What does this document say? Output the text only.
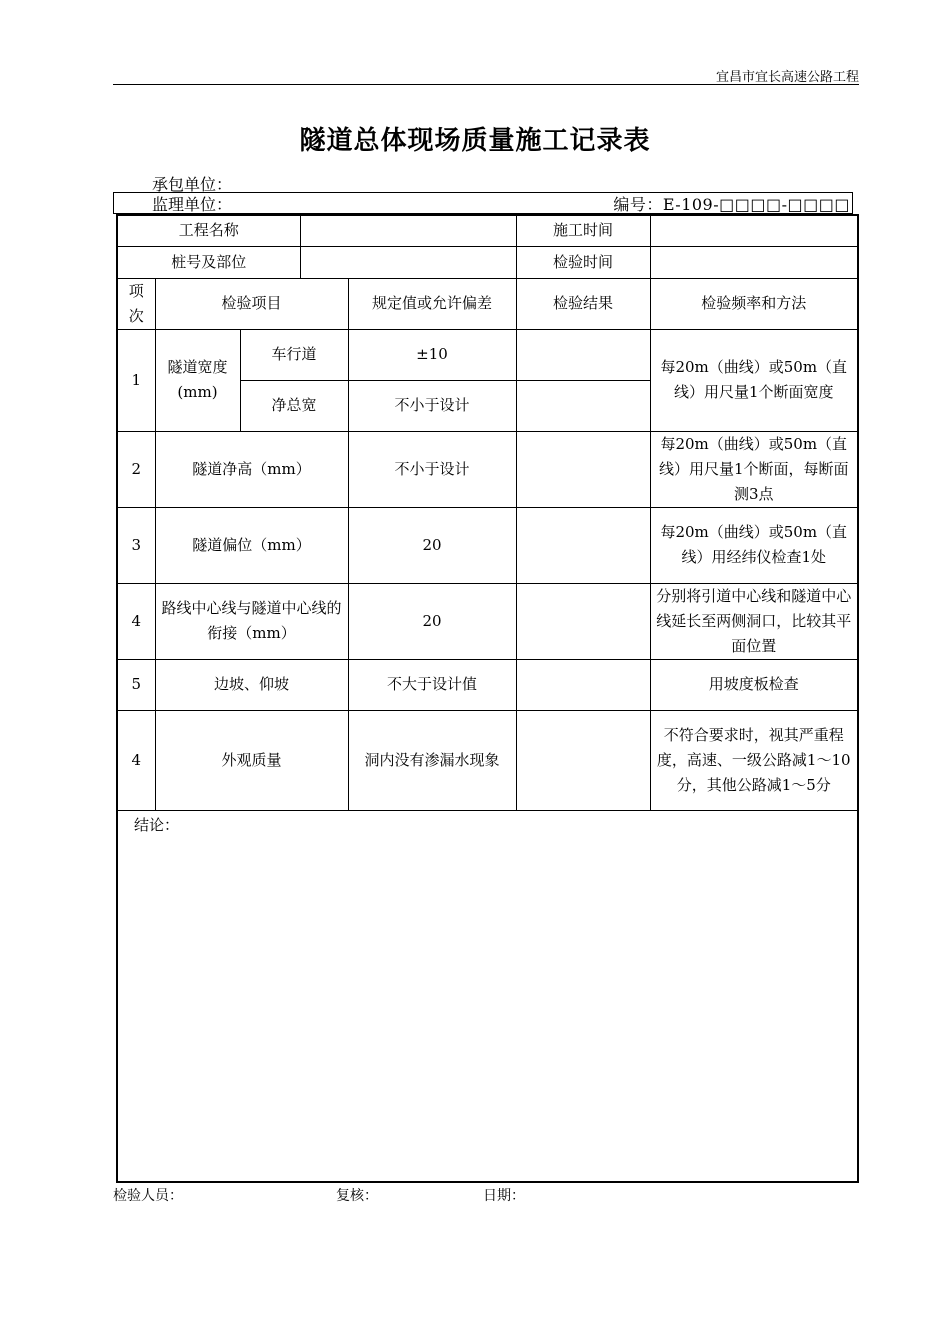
宜昌市宜长高速公路工程
隧道总体现场质量施工记录表
承包单位：
监理单位：	编号：E-109-□□□□-□□□□
工程名称					施工时间	
桩号及部位					检验时间	
项次	检验项目			规定值或允许偏差	检验结果	检验频率和方法
1	隧道宽度(mm)	车行道		±10		每20m（曲线）或50m（直线）用尺量1个断面宽度
		净总宽		不小于设计		
2	隧道净高（mm）			不小于设计		每20m（曲线）或50m（直线）用尺量1个断面，每断面测3点
3	隧道偏位（mm）			20		每20m（曲线）或50m（直线）用经纬仪检查1处
4	路线中心线与隧道中心线的衔接（mm）			20		分别将引道中心线和隧道中心线延长至两侧洞口，比较其平面位置
5	边坡、仰坡			不大于设计值		用坡度板检查
4	外观质量			洞内没有渗漏水现象		不符合要求时，视其严重程度，高速、一级公路减1～10分，其他公路减1～5分
结论：						
检验人员：	复核：	日期：
